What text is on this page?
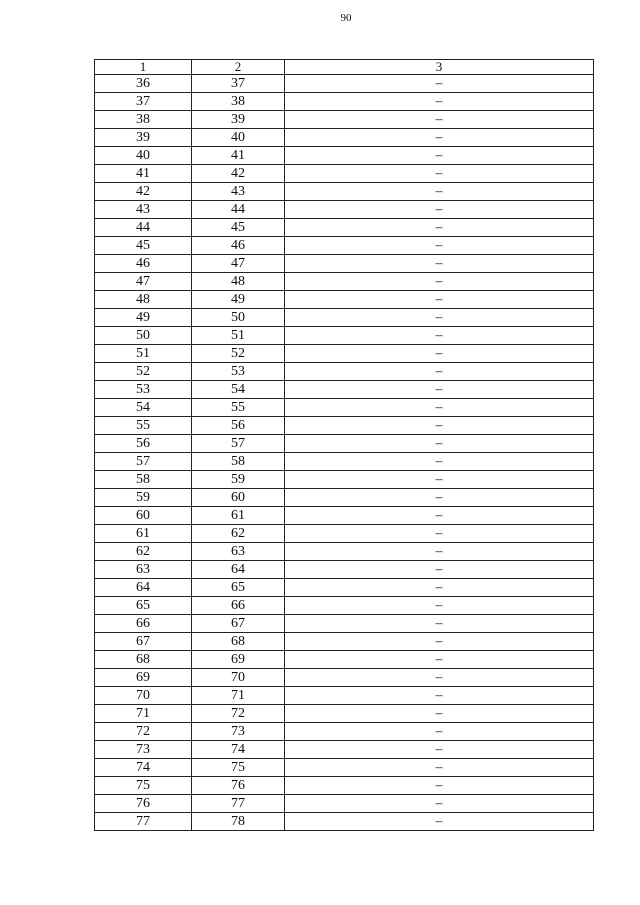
90
1	2	3
36	37	–
37	38	–
38	39	–
39	40	–
40	41	–
41	42	–
42	43	–
43	44	–
44	45	–
45	46	–
46	47	–
47	48	–
48	49	–
49	50	–
50	51	–
51	52	–
52	53	–
53	54	–
54	55	–
55	56	–
56	57	–
57	58	–
58	59	–
59	60	–
60	61	–
61	62	–
62	63	–
63	64	–
64	65	–
65	66	–
66	67	–
67	68	–
68	69	–
69	70	–
70	71	–
71	72	–
72	73	–
73	74	–
74	75	–
75	76	–
76	77	–
77	78	–
